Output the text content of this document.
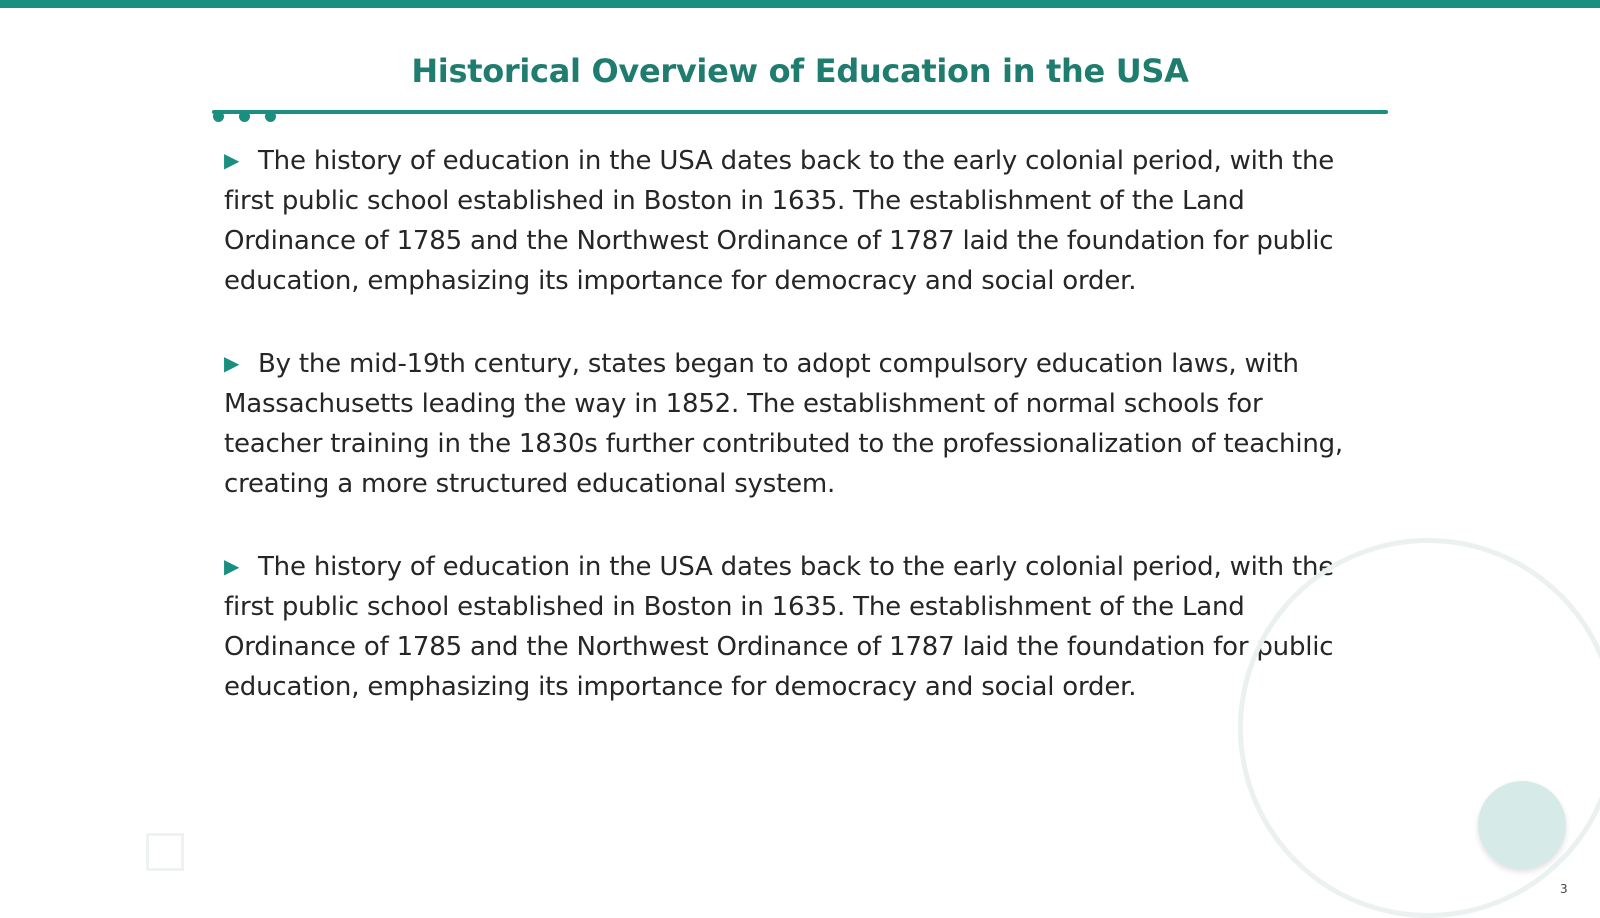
Historical Overview of Education in the USA
▶ The history of education in the USA dates back to the early colonial period, with the first public school established in Boston in 1635. The establishment of the Land Ordinance of 1785 and the Northwest Ordinance of 1787 laid the foundation for public education, emphasizing its importance for democracy and social order.
▶ By the mid-19th century, states began to adopt compulsory education laws, with Massachusetts leading the way in 1852. The establishment of normal schools for teacher training in the 1830s further contributed to the professionalization of teaching, creating a more structured educational system.
▶ The history of education in the USA dates back to the early colonial period, with the first public school established in Boston in 1635. The establishment of the Land Ordinance of 1785 and the Northwest Ordinance of 1787 laid the foundation for public education, emphasizing its importance for democracy and social order.
3
